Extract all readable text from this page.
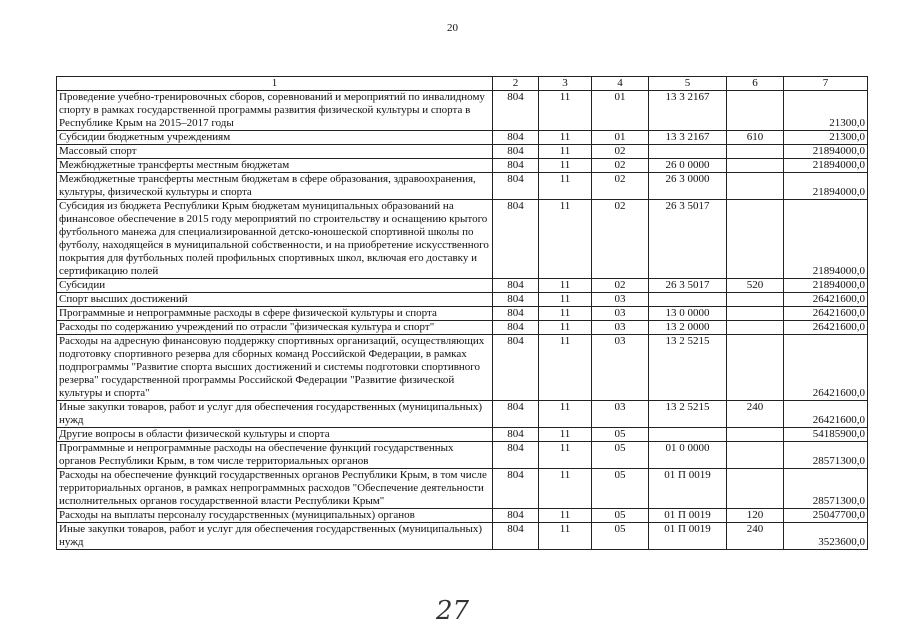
20
1	2	3	4	5	6	7
Проведение учебно-тренировочных сборов, соревнований и мероприятий по инвалидному спорту в рамках государственной программы развития физической культуры и спорта в Республике Крым на 2015–2017 годы	804	11	01	13 3 2167		21300,0
Субсидии бюджетным учреждениям	804	11	01	13 3 2167	610	21300,0
Массовый спорт	804	11	02			21894000,0
Межбюджетные трансферты местным бюджетам	804	11	02	26 0 0000		21894000,0
Межбюджетные трансферты местным бюджетам в сфере образования, здравоохранения, культуры, физической культуры и спорта	804	11	02	26 3 0000		21894000,0
Субсидия из бюджета Республики Крым бюджетам муниципальных образований на финансовое обеспечение в 2015 году мероприятий по строительству и оснащению крытого футбольного манежа для специализированной детско-юношеской спортивной школы по футболу, находящейся в муниципальной собственности, и на приобретение искусственного покрытия для футбольных полей профильных спортивных школ, включая его доставку и сертификацию полей	804	11	02	26 3 5017		21894000,0
Субсидии	804	11	02	26 3 5017	520	21894000,0
Спорт высших достижений	804	11	03			26421600,0
Программные и непрограммные расходы в сфере физической культуры и спорта	804	11	03	13 0 0000		26421600,0
Расходы по содержанию учреждений по отрасли "физическая культура и спорт"	804	11	03	13 2 0000		26421600,0
Расходы на адресную финансовую поддержку спортивных организаций, осуществляющих подготовку спортивного резерва для сборных команд Российской Федерации, в рамках подпрограммы "Развитие спорта высших достижений и системы подготовки спортивного резерва" государственной программы Российской Федерации "Развитие физической культуры и спорта"	804	11	03	13 2 5215		26421600,0
Иные закупки товаров, работ и услуг для обеспечения государственных (муниципальных) нужд	804	11	03	13 2 5215	240	26421600,0
Другие вопросы в области физической культуры и спорта	804	11	05			54185900,0
Программные и непрограммные расходы на обеспечение функций государственных органов Республики Крым, в том числе территориальных органов	804	11	05	01 0 0000		28571300,0
Расходы на обеспечение функций государственных органов Республики Крым, в том числе территориальных органов, в рамках непрограммных расходов "Обеспечение деятельности исполнительных органов государственной власти Республики Крым"	804	11	05	01 П 0019		28571300,0
Расходы на выплаты персоналу государственных (муниципальных) органов	804	11	05	01 П 0019	120	25047700,0
Иные закупки товаров, работ и услуг для обеспечения государственных (муниципальных) нужд	804	11	05	01 П 0019	240	3523600,0
27
